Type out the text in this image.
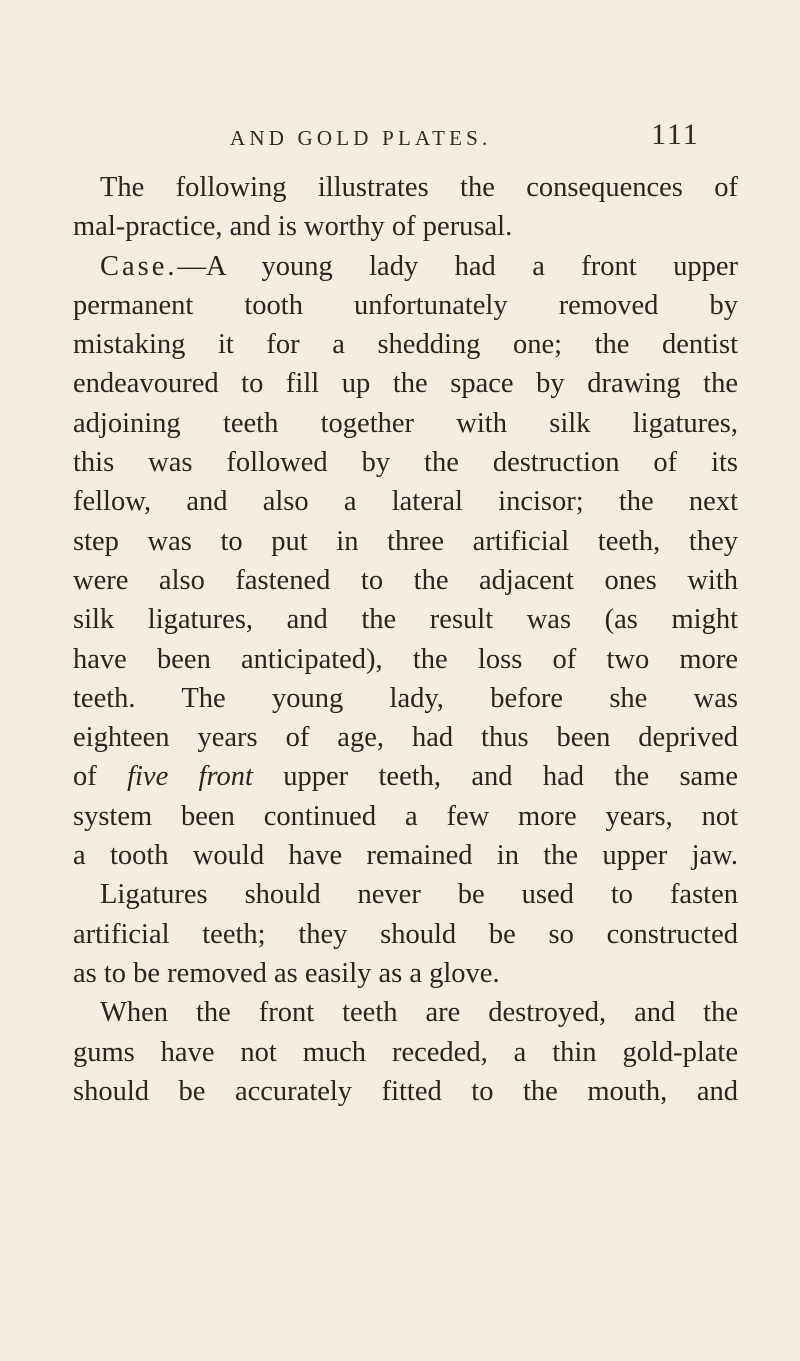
AND GOLD PLATES.	111
The following illustrates the consequences of
mal-practice, and is worthy of perusal.
Case.—A young lady had a front upper
permanent tooth unfortunately removed by
mistaking it for a shedding one; the dentist
endeavoured to fill up the space by drawing the
adjoining teeth together with silk ligatures,
this was followed by the destruction of its
fellow, and also a lateral incisor; the next
step was to put in three artificial teeth, they
were also fastened to the adjacent ones with
silk ligatures, and the result was (as might
have been anticipated), the loss of two more
teeth. The young lady, before she was
eighteen years of age, had thus been deprived
of five front upper teeth, and had the same
system been continued a few more years, not
a tooth would have remained in the upper jaw.
Ligatures should never be used to fasten
artificial teeth; they should be so constructed
as to be removed as easily as a glove.
When the front teeth are destroyed, and the
gums have not much receded, a thin gold-plate
should be accurately fitted to the mouth, and
